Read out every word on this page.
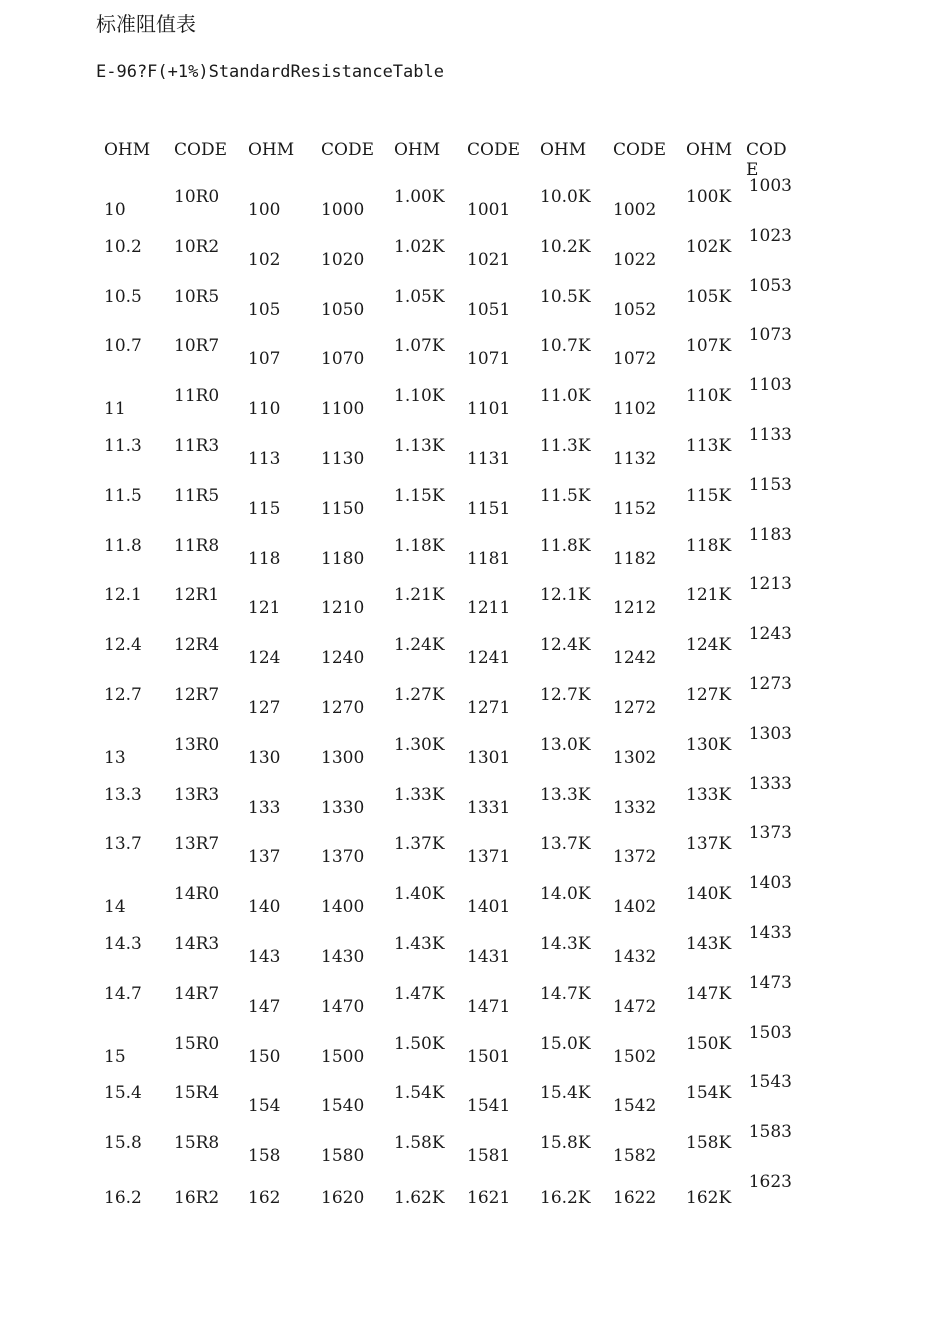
标准阻值表

E-96?F(+1%)StandardResistanceTable

OHM CODE OHM CODE OHM CODE OHM CODE OHM CODE
10
10R0
100 1000
1.00K
1001
10.0K
1002
100K
1003
10.2 10R2
102 1020
1.02K
1021
10.2K
1022
102K
1023
10.5 10R5
105 1050
1.05K
1051
10.5K
1052
105K
1053
10.7 10R7
107 1070
1.07K
1071
10.7K
1072
107K
1073
11
11R0
110 1100
1.10K
1101
11.0K
1102
110K
1103
11.3 11R3
113 1130
1.13K
1131
11.3K
1132
113K
1133
11.5 11R5
115 1150
1.15K
1151
11.5K
1152
115K
1153
11.8 11R8
118 1180
1.18K
1181
11.8K
1182
118K
1183
12.1 12R1
121 1210
1.21K
1211
12.1K
1212
121K
1213
12.4 12R4
124 1240
1.24K
1241
12.4K
1242
124K
1243
12.7 12R7
127 1270
1.27K
1271
12.7K
1272
127K
1273
13
13R0
130 1300
1.30K
1301
13.0K
1302
130K
1303
13.3 13R3
133 1330
1.33K
1331
13.3K
1332
133K
1333
13.7 13R7
137 1370
1.37K
1371
13.7K
1372
137K
1373
14
14R0
140 1400
1.40K
1401
14.0K
1402
140K
1403
14.3 14R3
143 1430
1.43K
1431
14.3K
1432
143K
1433
14.7 14R7
147 1470
1.47K
1471
14.7K
1472
147K
1473
15
15R0
150 1500
1.50K
1501
15.0K
1502
150K
1503
15.4 15R4
154 1540
1.54K
1541
15.4K
1542
154K
1543
15.8 15R8
158 1580
1.58K
1581
15.8K
1582
158K
1583
16.2 16R2 162 1620 1.62K 1621 16.2K 1622 162K
1623
